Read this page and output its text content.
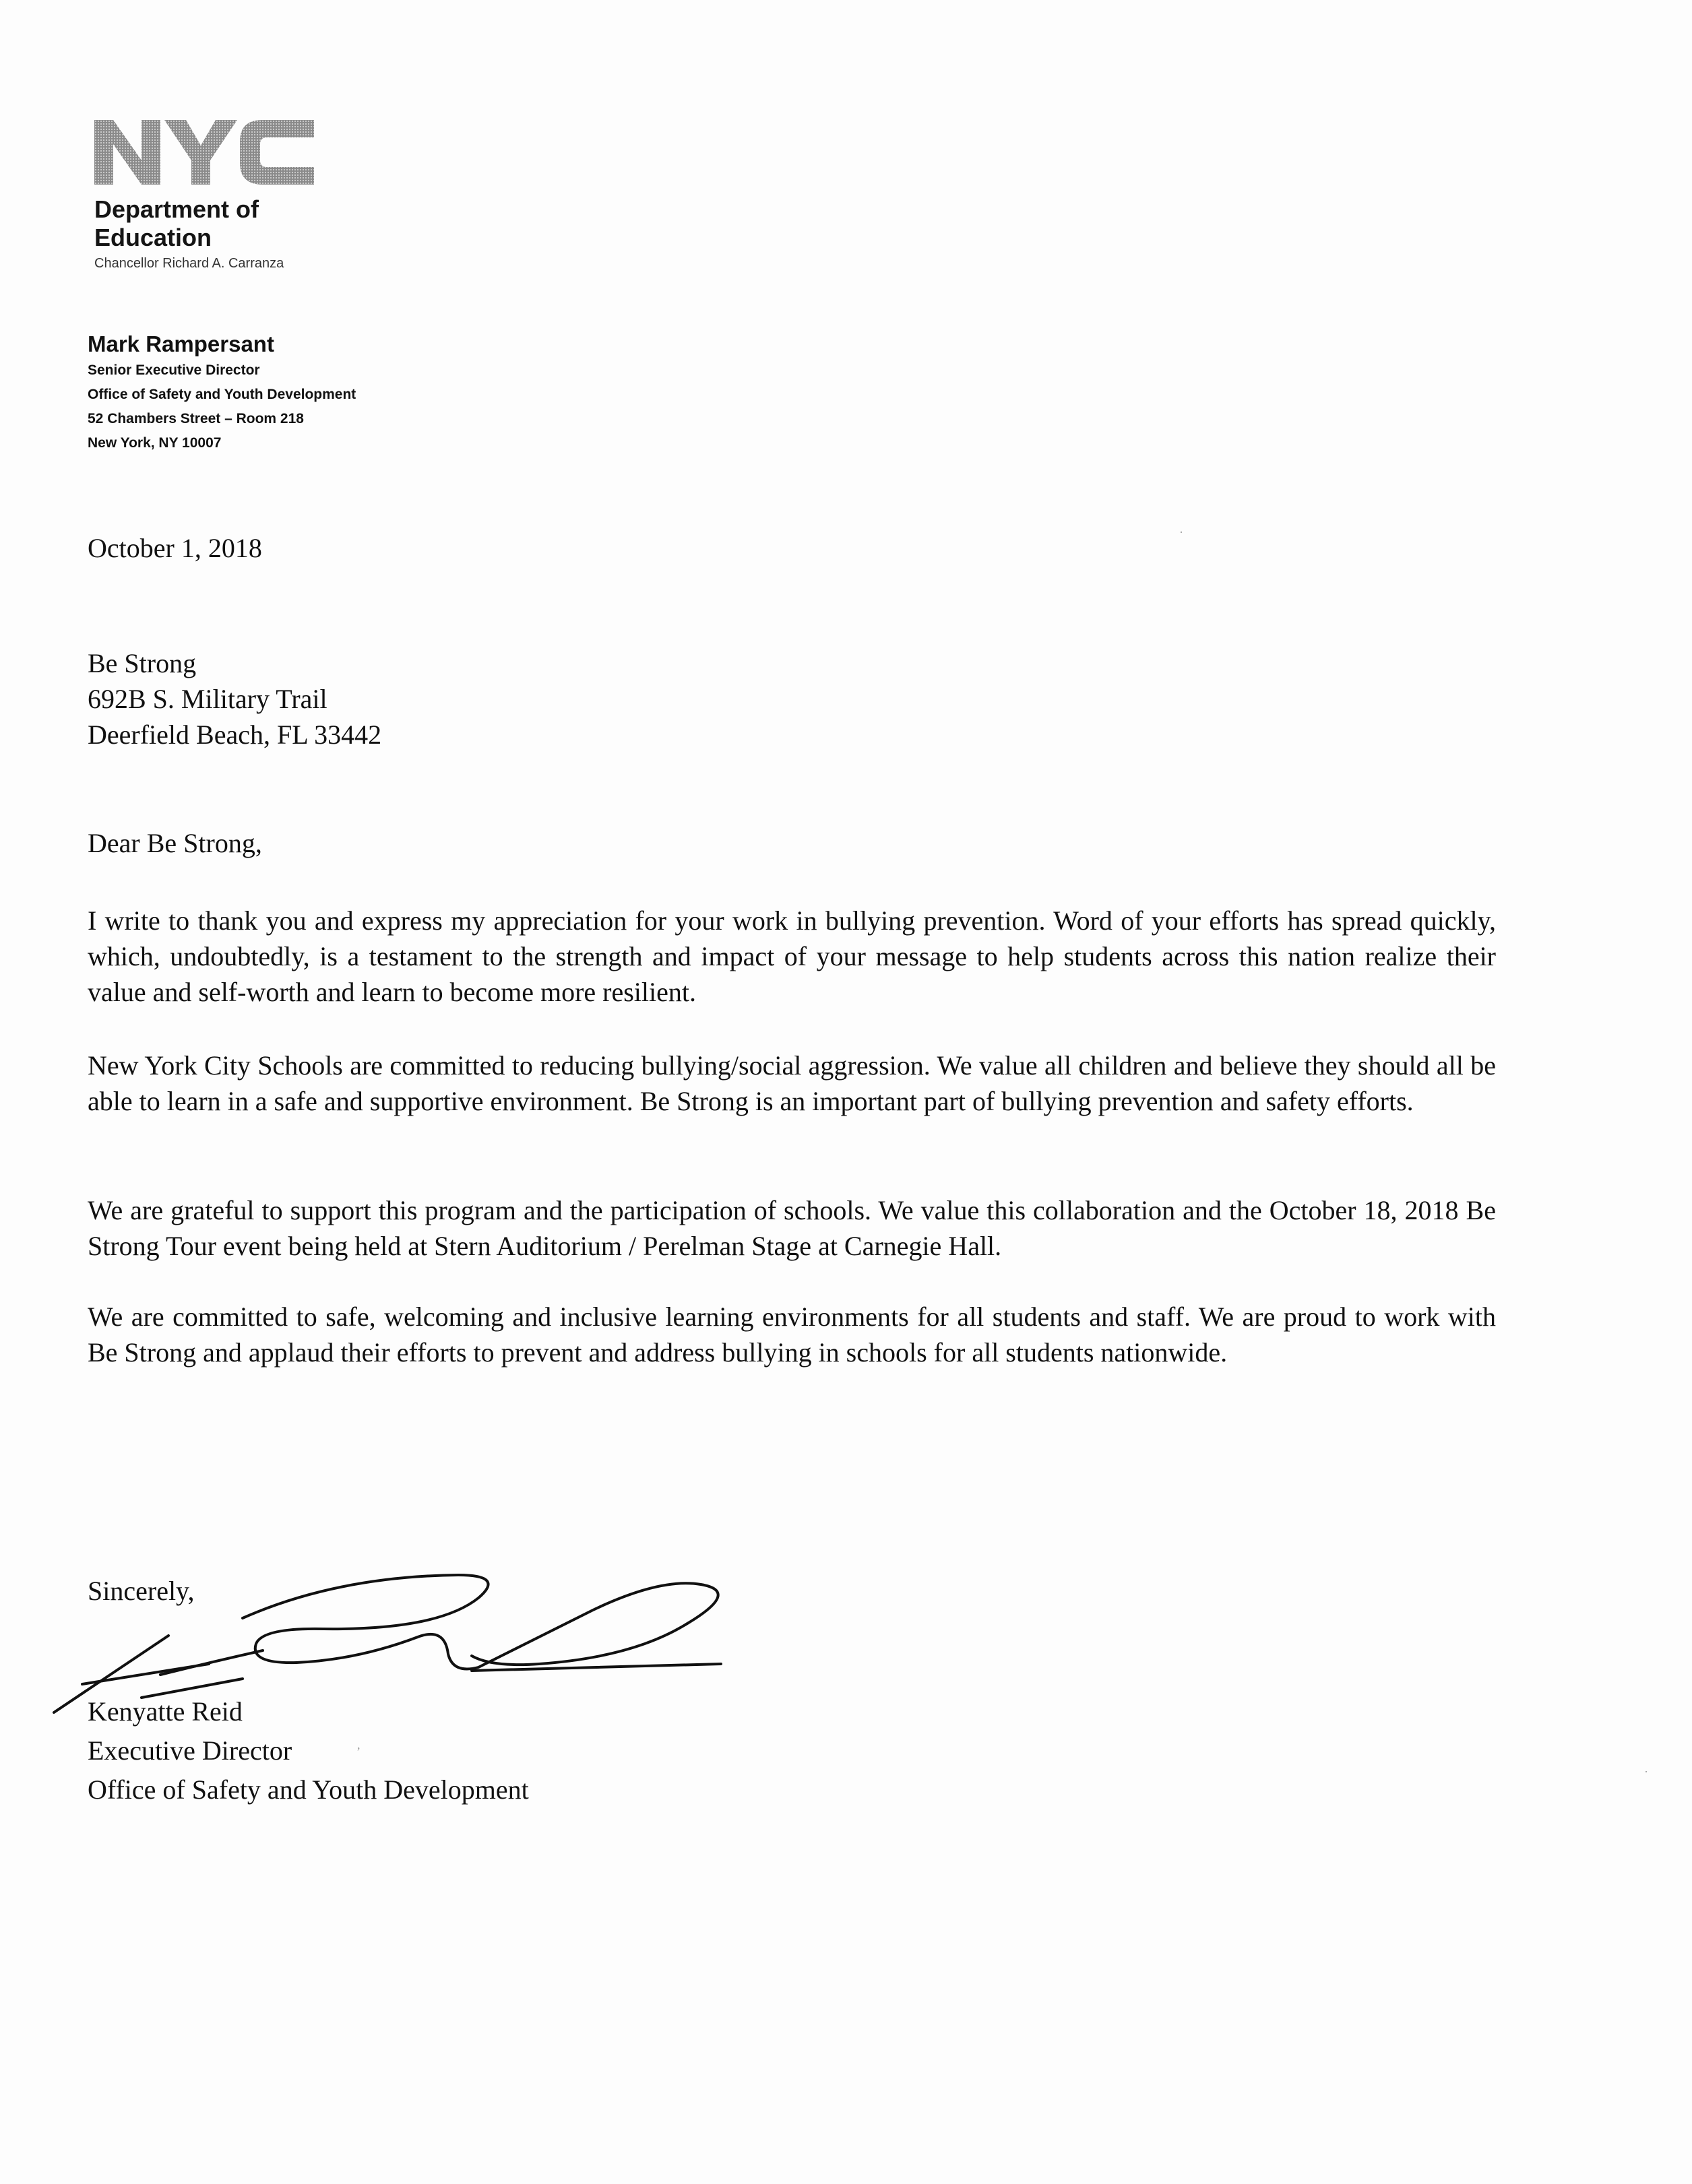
Department of
Education
Chancellor Richard A. Carranza
Mark Rampersant
Senior Executive Director
Office of Safety and Youth Development
52 Chambers Street – Room 218
New York, NY 10007
October 1, 2018
Be Strong
692B S. Military Trail
Deerfield Beach, FL 33442
Dear Be Strong,
I write to thank you and express my appreciation for your work in bullying prevention. Word of your efforts has spread quickly, which, undoubtedly, is a testament to the strength and impact of your message to help students across this nation realize their value and self-worth and learn to become more resilient.
New York City Schools are committed to reducing bullying/social aggression. We value all children and believe they should all be able to learn in a safe and supportive environment. Be Strong is an important part of bullying prevention and safety efforts.
We are grateful to support this program and the participation of schools. We value this collaboration and the October 18, 2018 Be Strong Tour event being held at Stern Auditorium / Perelman Stage at Carnegie Hall.
We are committed to safe, welcoming and inclusive learning environments for all students and staff. We are proud to work with Be Strong and applaud their efforts to prevent and address bullying in schools for all students nationwide.
Sincerely,
Kenyatte Reid
Executive Director
Office of Safety and Youth Development
·
,
·
